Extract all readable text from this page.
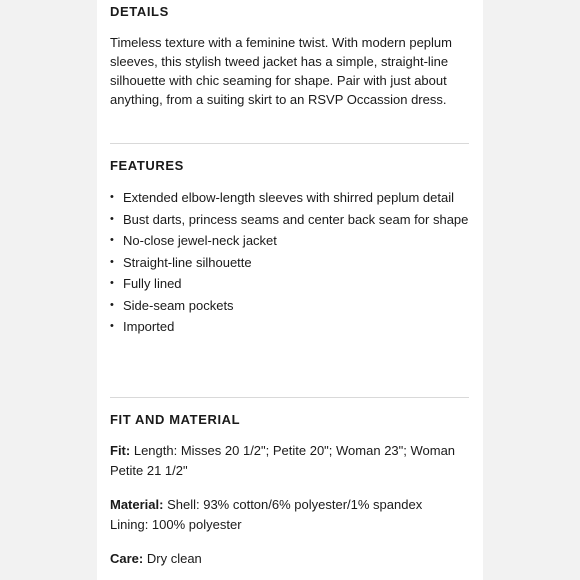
DETAILS

Timeless texture with a feminine twist. With modern peplum sleeves, this stylish tweed jacket has a simple, straight-line silhouette with chic seaming for shape. Pair with just about anything, from a suiting skirt to an RSVP Occassion dress.

FEATURES
• Extended elbow-length sleeves with shirred peplum detail
• Bust darts, princess seams and center back seam for shape
• No-close jewel-neck jacket
• Straight-line silhouette
• Fully lined
• Side-seam pockets
• Imported
FIT AND MATERIAL

Fit: Length: Misses 20 1/2"; Petite 20"; Woman 23"; Woman Petite 21 1/2"

Material: Shell: 93% cotton/6% polyester/1% spandex
Lining: 100% polyester

Care: Dry clean
